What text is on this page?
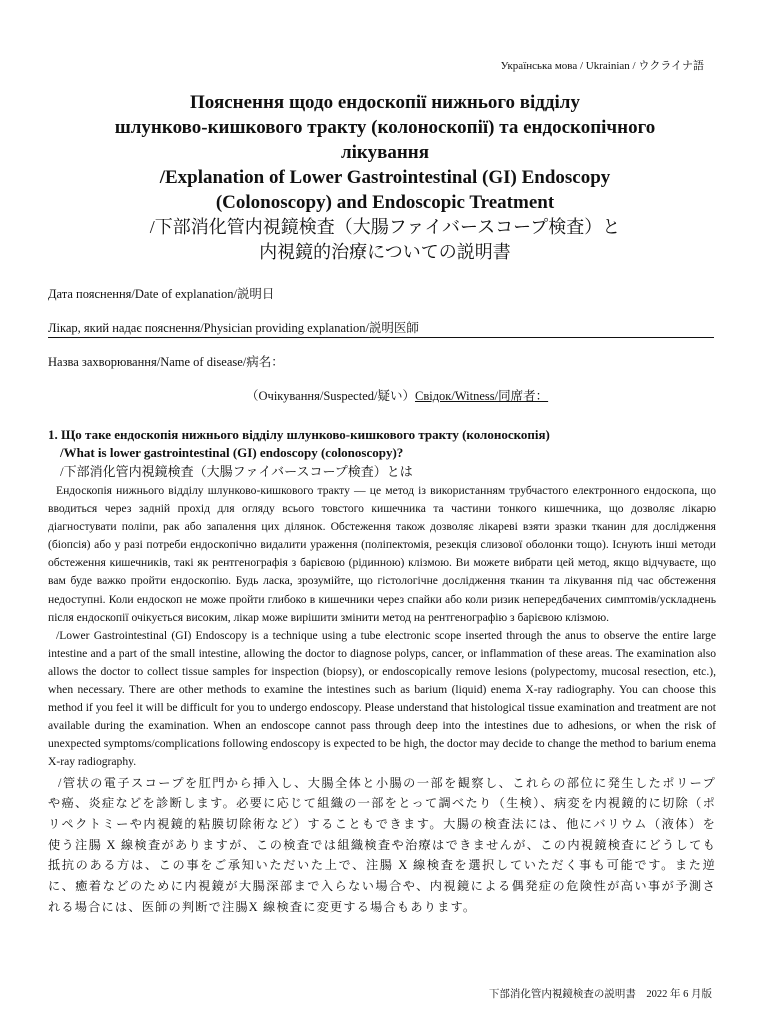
Українська мова / Ukrainian / ウクライナ語

Пояснення щодо ендоскопії нижнього відділу

шлунково-кишкового тракту (колоноскопії) та ендоскопічного

лікування

/Explanation of Lower Gastrointestinal (GI) Endoscopy

(Colonoscopy) and Endoscopic Treatment

/下部消化管内視鏡検査（大腸ファイバースコープ検査）と

内視鏡的治療についての説明書

Дата пояснення/Date of explanation/説明日
Лікар, який надає пояснення/Physician providing explanation/説明医師
Назва захворювання/Name of disease/病名：
（Очікування/Suspected/疑い）Свідок/Witness/同席者：

1. Що таке ендоскопія нижнього відділу шлунково-кишкового тракту (колоноскопія)

/What is lower gastrointestinal (GI) endoscopy (colonoscopy)?

/下部消化管内視鏡検査（大腸ファイバースコープ検査）とは

Ендоскопія нижнього відділу шлунково-кишкового тракту — це метод із використанням трубчастого електронного ендоскопа, що вводиться через задній прохід для огляду всього товстого кишечника та частини тонкого кишечника, що дозволяє лікарю діагностувати поліпи, рак або запалення цих ділянок. Обстеження також дозволяє лікареві взяти зразки тканин для дослідження (біопсія) або у разі потреби ендоскопічно видалити ураження (поліпектомія, резекція слизової оболонки тощо). Існують інші методи обстеження кишечників, такі як рентгенографія з барієвою (рідинною) клізмою. Ви можете вибрати цей метод, якщо відчуваєте, що вам буде важко пройти ендоскопію. Будь ласка, зрозумійте, що гістологічне дослідження тканин та лікування під час обстеження недоступні. Коли ендоскоп не може пройти глибоко в кишечники через спайки або коли ризик непередбачених симптомів/ускладнень після ендоскопії очікується високим, лікар може вирішити змінити метод на рентгенографію з барієвою клізмою.

/Lower Gastrointestinal (GI) Endoscopy is a technique using a tube electronic scope inserted through the anus to observe the entire large intestine and a part of the small intestine, allowing the doctor to diagnose polyps, cancer, or inflammation of these areas. The examination also allows the doctor to collect tissue samples for inspection (biopsy), or endoscopically remove lesions (polypectomy, mucosal resection, etc.), when necessary. There are other methods to examine the intestines such as barium (liquid) enema X-ray radiography. You can choose this method if you feel it will be difficult for you to undergo endoscopy. Please understand that histological tissue examination and treatment are not available during the examination. When an endoscope cannot pass through deep into the intestines due to adhesions, or when the risk of unexpected symptoms/complications following endoscopy is expected to be high, the doctor may decide to change the method to barium enema X-ray radiography.

/管状の電子スコープを肛門から挿入し、大腸全体と小腸の一部を観察し、これらの部位に発生したポリープや癌、炎症などを診断します。必要に応じて組織の一部をとって調べたり（生検）、病変を内視鏡的に切除（ポリペクトミーや内視鏡的粘膜切除術など）することもできます。大腸の検査法には、他にバリウム（液体）を使う注腸 X 線検査がありますが、この検査では組織検査や治療はできませんが、この内視鏡検査にどうしても抵抗のある方は、この事をご承知いただいた上で、注腸 X 線検査を選択していただく事も可能です。また逆に、癒着などのために内視鏡が大腸深部まで入らない場合や、内視鏡による偶発症の危険性が高い事が予測される場合には、医師の判断で注腸X 線検査に変更する場合もあります。

下部消化管内視鏡検査の説明書　2022 年 6 月版
